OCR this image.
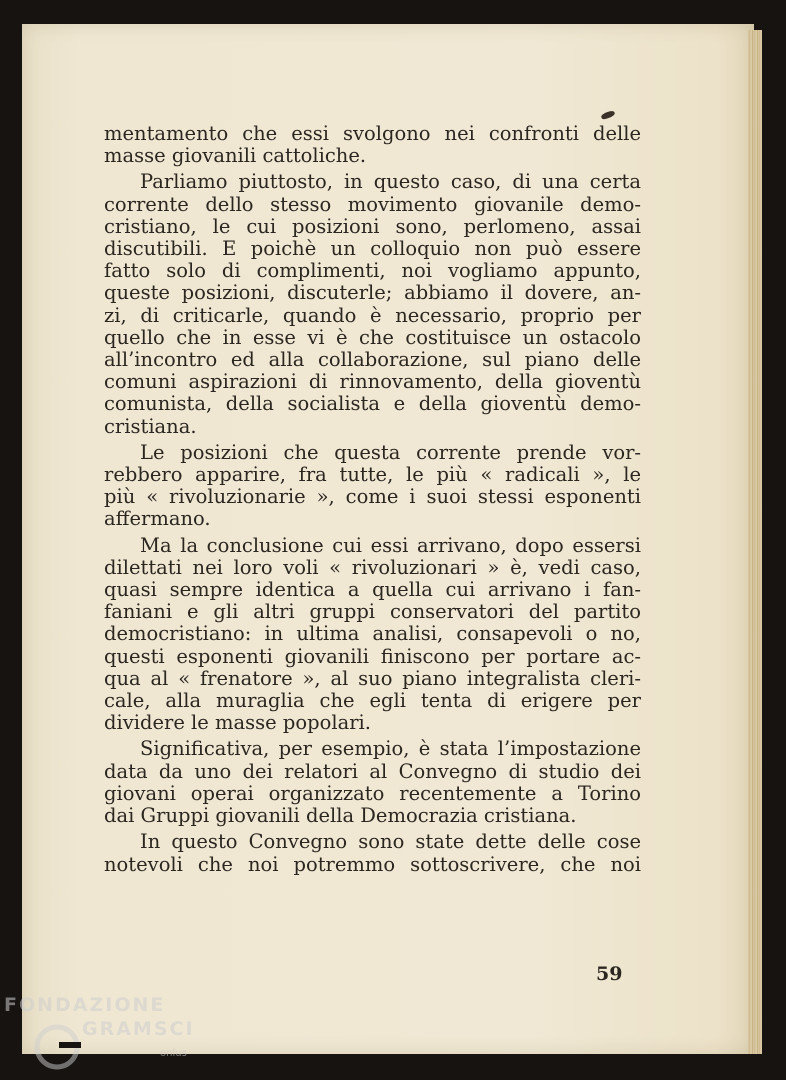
mentamento che essi svolgono nei confronti delle
masse giovanili cattoliche.
Parliamo piuttosto, in questo caso, di una certa
corrente dello stesso movimento giovanile demo-
cristiano, le cui posizioni sono, perlomeno, assai
discutibili. E poichè un colloquio non può essere
fatto solo di complimenti, noi vogliamo appunto,
queste posizioni, discuterle; abbiamo il dovere, an-
zi, di criticarle, quando è necessario, proprio per
quello che in esse vi è che costituisce un ostacolo
all’incontro ed alla collaborazione, sul piano delle
comuni aspirazioni di rinnovamento, della gioventù
comunista, della socialista e della gioventù demo-
cristiana.
Le posizioni che questa corrente prende vor-
rebbero apparire, fra tutte, le più « radicali », le
più « rivoluzionarie », come i suoi stessi esponenti
affermano.
Ma la conclusione cui essi arrivano, dopo essersi
dilettati nei loro voli « rivoluzionari » è, vedi caso,
quasi sempre identica a quella cui arrivano i fan-
faniani e gli altri gruppi conservatori del partito
democristiano: in ultima analisi, consapevoli o no,
questi esponenti giovanili finiscono per portare ac-
qua al « frenatore », al suo piano integralista cleri-
cale, alla muraglia che egli tenta di erigere per
dividere le masse popolari.
Significativa, per esempio, è stata l’impostazione
data da uno dei relatori al Convegno di studio dei
giovani operai organizzato recentemente a Torino
dai Gruppi giovanili della Democrazia cristiana.
In questo Convegno sono state dette delle cose
notevoli che noi potremmo sottoscrivere, che noi
59
FONDAZIONE
GRAMSCI
onlus
